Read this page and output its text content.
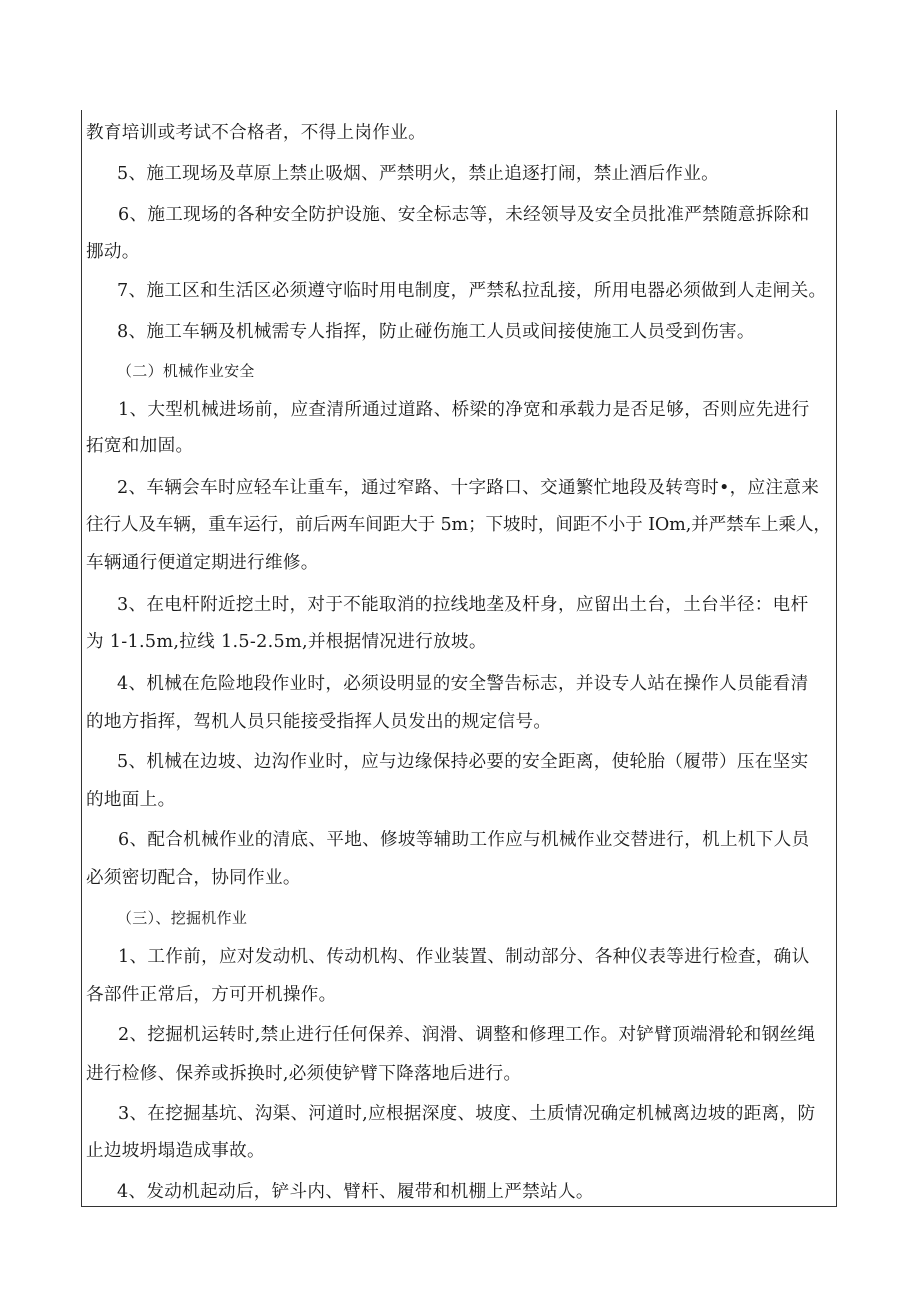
教育培训或考试不合格者，不得上岗作业。
5、施工现场及草原上禁止吸烟、严禁明火，禁止追逐打闹，禁止酒后作业。
6、施工现场的各种安全防护设施、安全标志等，未经领导及安全员批准严禁随意拆除和
挪动。
7、施工区和生活区必须遵守临时用电制度，严禁私拉乱接，所用电器必须做到人走闸关。
8、施工车辆及机械需专人指挥，防止碰伤施工人员或间接使施工人员受到伤害。
（二）机械作业安全
1、大型机械进场前，应查清所通过道路、桥梁的净宽和承载力是否足够，否则应先进行
拓宽和加固。
2、车辆会车时应轻车让重车，通过窄路、十字路口、交通繁忙地段及转弯时•，应注意来
往行人及车辆，重车运行，前后两车间距大于 5m；下坡时，间距不小于 IOm,并严禁车上乘人，
车辆通行便道定期进行维修。
3、在电杆附近挖土时，对于不能取消的拉线地垄及杆身，应留出土台，土台半径：电杆
为 1-1.5m,拉线 1.5-2.5m,并根据情况进行放坡。
4、机械在危险地段作业时，必须设明显的安全警告标志，并设专人站在操作人员能看清
的地方指挥，驾机人员只能接受指挥人员发出的规定信号。
5、机械在边坡、边沟作业时，应与边缘保持必要的安全距离，使轮胎（履带）压在坚实
的地面上。
6、配合机械作业的清底、平地、修坡等辅助工作应与机械作业交替进行，机上机下人员
必须密切配合，协同作业。
（三）、挖掘机作业
1、工作前，应对发动机、传动机构、作业装置、制动部分、各种仪表等进行检查，确认
各部件正常后，方可开机操作。
2、挖掘机运转时,禁止进行任何保养、润滑、调整和修理工作。对铲臂顶端滑轮和钢丝绳
进行检修、保养或拆换时,必须使铲臂下降落地后进行。
3、在挖掘基坑、沟渠、河道时,应根据深度、坡度、土质情况确定机械离边坡的距离，防
止边坡坍塌造成事故。
4、发动机起动后，铲斗内、臂杆、履带和机棚上严禁站人。
